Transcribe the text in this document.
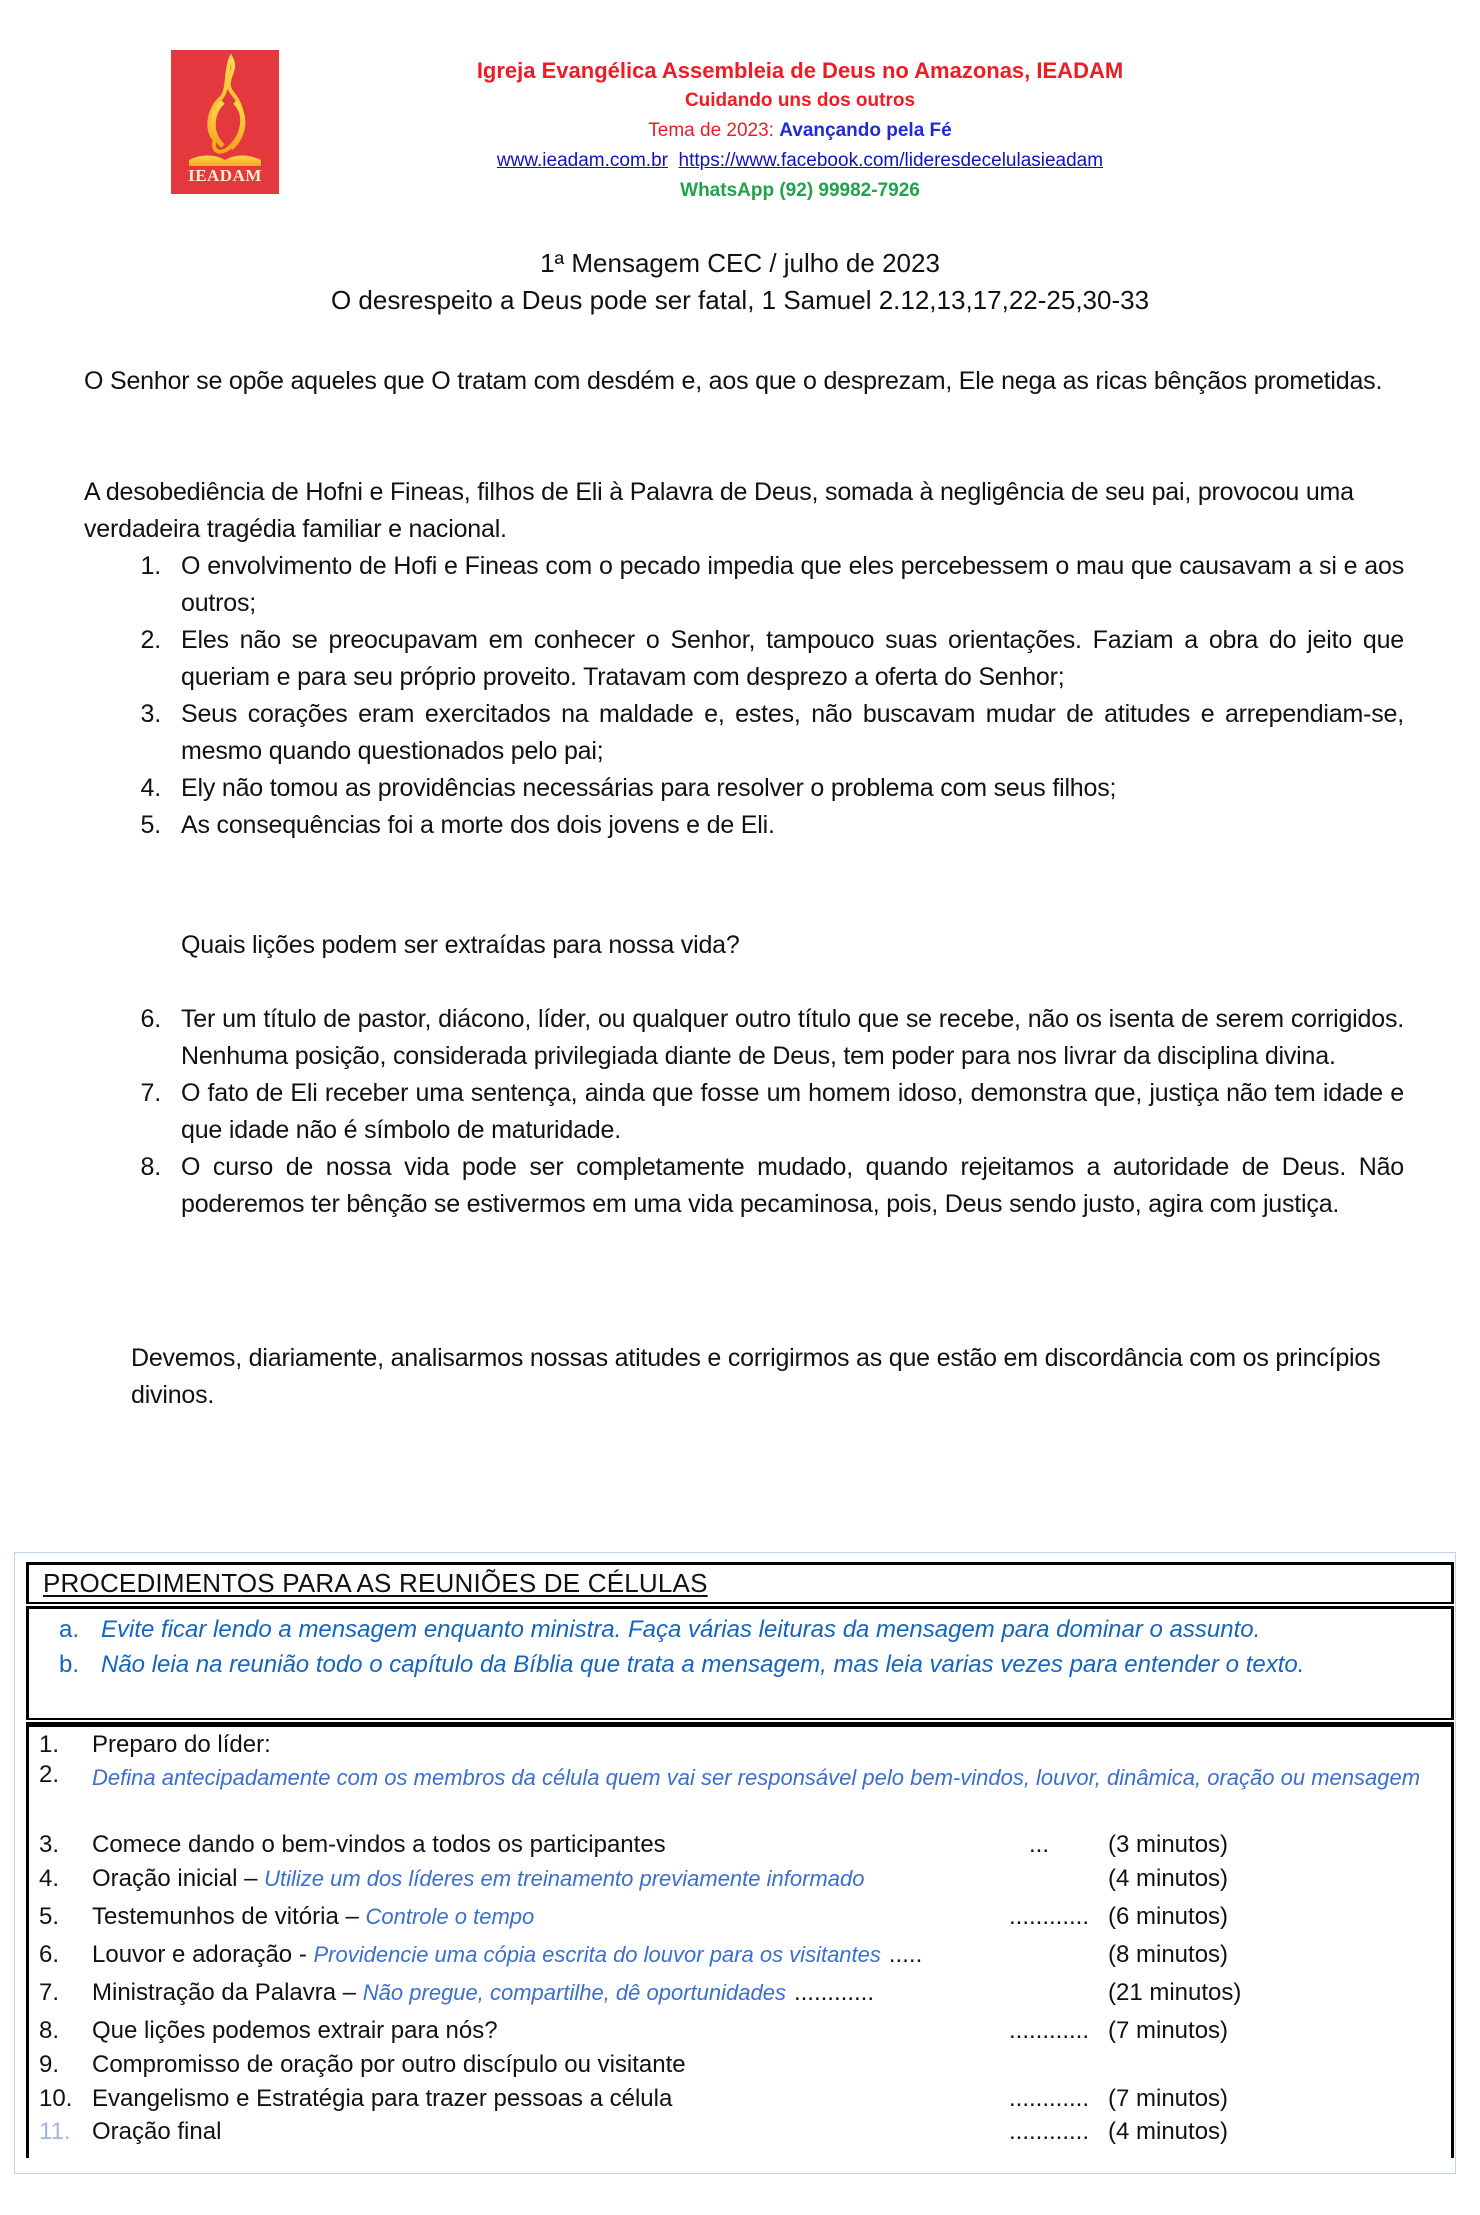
IEADAM
Igreja Evangélica Assembleia de Deus no Amazonas, IEADAM
Cuidando uns dos outros
Tema de 2023: Avançando pela Fé
www.ieadam.com.br https://www.facebook.com/lideresdecelulasieadam
WhatsApp (92) 99982-7926
1ª Mensagem CEC / julho de 2023
O desrespeito a Deus pode ser fatal, 1 Samuel 2.12,13,17,22-25,30-33
O Senhor se opõe aqueles que O tratam com desdém e, aos que o desprezam, Ele nega as ricas bênçãos prometidas.
A desobediência de Hofni e Fineas, filhos de Eli à Palavra de Deus, somada à negligência de seu pai, provocou uma verdadeira tragédia familiar e nacional.
1. O envolvimento de Hofi e Fineas com o pecado impedia que eles percebessem o mau que causavam a si e aos outros;
2. Eles não se preocupavam em conhecer o Senhor, tampouco suas orientações. Faziam a obra do jeito que queriam e para seu próprio proveito. Tratavam com desprezo a oferta do Senhor;
3. Seus corações eram exercitados na maldade e, estes, não buscavam mudar de atitudes e arrependiam-se, mesmo quando questionados pelo pai;
4. Ely não tomou as providências necessárias para resolver o problema com seus filhos;
5. As consequências foi a morte dos dois jovens e de Eli.
Quais lições podem ser extraídas para nossa vida?
6. Ter um título de pastor, diácono, líder, ou qualquer outro título que se recebe, não os isenta de serem corrigidos. Nenhuma posição, considerada privilegiada diante de Deus, tem poder para nos livrar da disciplina divina.
7. O fato de Eli receber uma sentença, ainda que fosse um homem idoso, demonstra que, justiça não tem idade e que idade não é símbolo de maturidade.
8. O curso de nossa vida pode ser completamente mudado, quando rejeitamos a autoridade de Deus. Não poderemos ter bênção se estivermos em uma vida pecaminosa, pois, Deus sendo justo, agira com justiça.
Devemos, diariamente, analisarmos nossas atitudes e corrigirmos as que estão em discordância com os princípios divinos.
PROCEDIMENTOS PARA AS REUNIÕES DE CÉLULAS
a. Evite ficar lendo a mensagem enquanto ministra. Faça várias leituras da mensagem para dominar o assunto.
b. Não leia na reunião todo o capítulo da Bíblia que trata a mensagem, mas leia varias vezes para entender o texto.
1.	Preparo do líder:
2.	Defina antecipadamente com os membros da célula quem vai ser responsável pelo bem-vindos, louvor, dinâmica, oração ou mensagem
3.	Comece dando o bem-vindos a todos os participantes	... (3 minutos)
4.	Oração inicial – Utilize um dos líderes em treinamento previamente informado	(4 minutos)
5.	Testemunhos de vitória – Controle o tempo	............ (6 minutos)
6.	Louvor e adoração - Providencie uma cópia escrita do louvor para os visitantes .....	(8 minutos)
7.	Ministração da Palavra – Não pregue, compartilhe, dê oportunidades ............	(21 minutos)
8.	Que lições podemos extrair para nós?	............ (7 minutos)
9.	Compromisso de oração por outro discípulo ou visitante
10. Evangelismo e Estratégia para trazer pessoas a célula	............ (7 minutos)
11. Oração final	............ (4 minutos)
